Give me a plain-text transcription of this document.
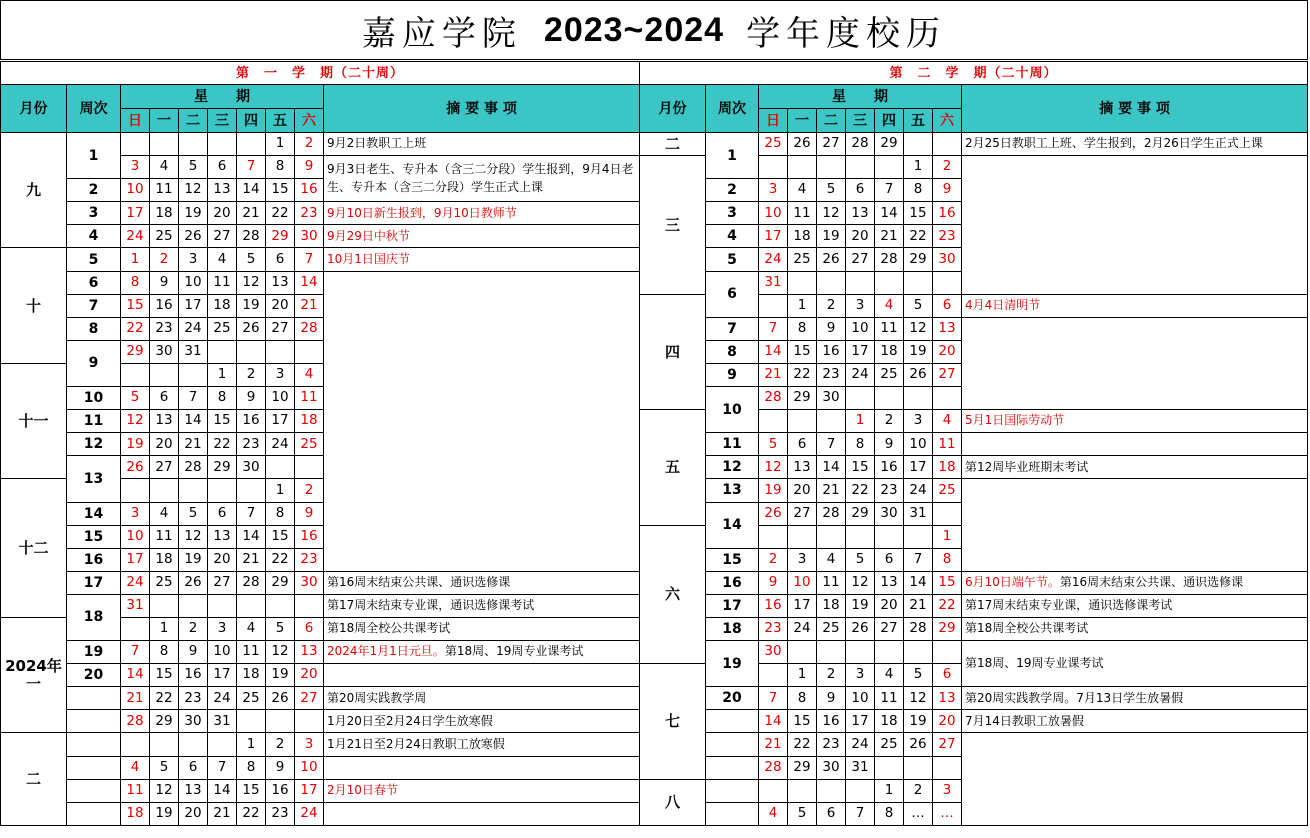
嘉应学院 2023~2024 学年度校历
第　一　学　期（二十周）									
月份	周次	星　　期							摘 要 事 项
		日	一	二	三	四	五	六	
九	1						1	2	9月2日教职工上班
		3	4	5	6	7	8	9	9月3日老生、专升本（含三二分段）学生报到，9月4日老生、专升本（含三二分段）学生正式上课
	2	10	11	12	13	14	15	16	
	3	17	18	19	20	21	22	23	9月10日新生报到，9月10日教师节
	4	24	25	26	27	28	29	30	9月29日中秋节
十	5	1	2	3	4	5	6	7	10月1日国庆节
	6	8	9	10	11	12	13	14	
	7	15	16	17	18	19	20	21	
	8	22	23	24	25	26	27	28	
	9	29	30	31					
十一					1	2	3	4	
	10	5	6	7	8	9	10	11	
	11	12	13	14	15	16	17	18	
	12	19	20	21	22	23	24	25	
	13	26	27	28	29	30			
十二							1	2	
	14	3	4	5	6	7	8	9	
	15	10	11	12	13	14	15	16	
	16	17	18	19	20	21	22	23	
	17	24	25	26	27	28	29	30	第16周末结束公共课、通识选修课
	18	31							第17周末结束专业课，通识选修课考试
2024年一			1	2	3	4	5	6	第18周全校公共课考试
	19	7	8	9	10	11	12	13	2024年1月1日元旦。第18周、19周专业课考试
	20	14	15	16	17	18	19	20	
		21	22	23	24	25	26	27	第20周实践教学周
		28	29	30	31				1月20日至2月24日学生放寒假
二						1	2	3	1月21日至2月24日教职工放寒假
		4	5	6	7	8	9	10	
		11	12	13	14	15	16	17	2月10日春节
		18	19	20	21	22	23	24	
第　二　学　期（二十周）									
月份	周次	星　　期							摘 要 事 项
		日	一	二	三	四	五	六	
二	1	25	26	27	28	29			2月25日教职工上班、学生报到，2月26日学生正式上课
三							1	2	
	2	3	4	5	6	7	8	9	
	3	10	11	12	13	14	15	16	
	4	17	18	19	20	21	22	23	
	5	24	25	26	27	28	29	30	
	6	31							
四			1	2	3	4	5	6	4月4日清明节
	7	7	8	9	10	11	12	13	
	8	14	15	16	17	18	19	20	
	9	21	22	23	24	25	26	27	
	10	28	29	30					
五					1	2	3	4	5月1日国际劳动节
	11	5	6	7	8	9	10	11	
	12	12	13	14	15	16	17	18	第12周毕业班期末考试
	13	19	20	21	22	23	24	25	
	14	26	27	28	29	30	31		
六								1	
	15	2	3	4	5	6	7	8	
	16	9	10	11	12	13	14	15	6月10日端午节。第16周末结束公共课、通识选修课
	17	16	17	18	19	20	21	22	第17周末结束专业课，通识选修课考试
	18	23	24	25	26	27	28	29	第18周全校公共课考试
	19	30							第18周、19周专业课考试
七			1	2	3	4	5	6	
	20	7	8	9	10	11	12	13	第20周实践教学周。7月13日学生放暑假
		14	15	16	17	18	19	20	7月14日教职工放暑假
		21	22	23	24	25	26	27	
		28	29	30	31				
八						1	2	3	
		4	5	6	7	8	…	…	
